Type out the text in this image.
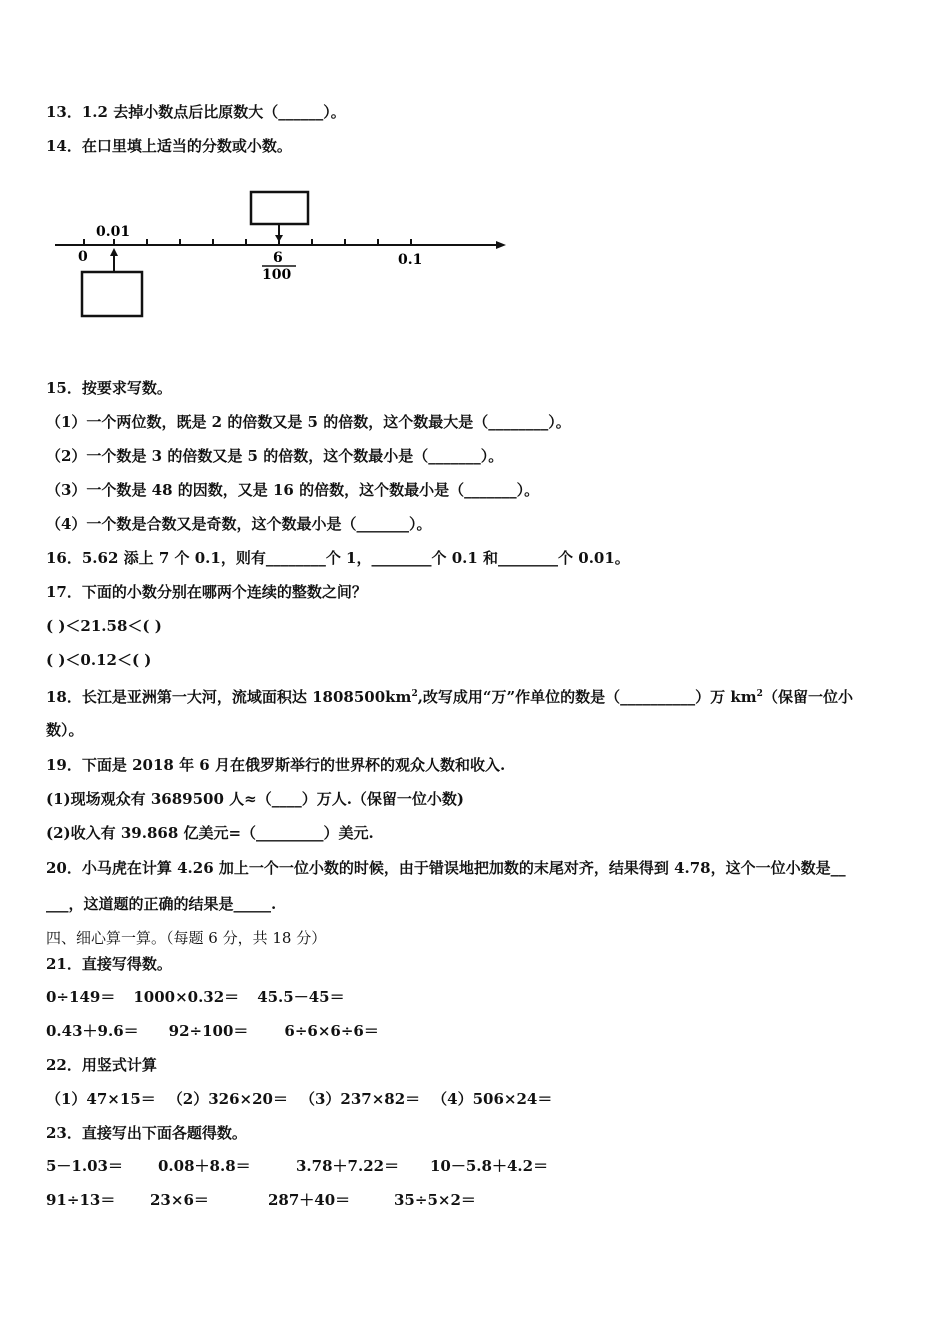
13．1.2 去掉小数点后比原数大（______）。
14．在口里填上适当的分数或小数。
0.01
0	6
100
0.1
15．按要求写数。
（1）一个两位数，既是 2 的倍数又是 5 的倍数，这个数最大是（________）。
（2）一个数是 3 的倍数又是 5 的倍数，这个数最小是（_______）。
（3）一个数是 48 的因数，又是 16 的倍数，这个数最小是（_______）。
（4）一个数是合数又是奇数，这个数最小是（_______）。
16．5.62 添上 7 个 0.1，则有________个 1，________个 0.1 和________个 0.01。
17．下面的小数分别在哪两个连续的整数之间？
( )＜21.58＜( )
( )＜0.12＜( )
18．长江是亚洲第一大河，流域面积达 $1808500km^2$,改写成用“万”作单位的数是（__________）万 $km^2$（保留一位小
数）。
19．下面是 2018 年 6 月在俄罗斯举行的世界杯的观众人数和收入.
(1)现场观众有 3689500 人≈（____）万人.（保留一位小数)
(2)收入有 39.868 亿美元=（_________）美元.
20．小马虎在计算 4.26 加上一个一位小数的时候，由于错误地把加数的末尾对齐，结果得到 4.78，这个一位小数是__
___，这道题的正确的结果是_____.
四、细心算一算。（每题 6 分，共 18 分）
21．直接写得数。
0÷149＝ 1000×0.32＝ 45.5－45＝
0.43＋9.6＝ 92÷100＝ 6÷6×6÷6＝
22．用竖式计算
（1）47×15＝ （2）326×20＝ （3）237×82＝ （4）506×24＝
23．直接写出下面各题得数。
5－1.03＝ 0.08＋8.8＝	3.78＋7.22＝ 10－5.8＋4.2＝
91÷13＝ 23×6＝	287＋40＝	35÷5×2＝
